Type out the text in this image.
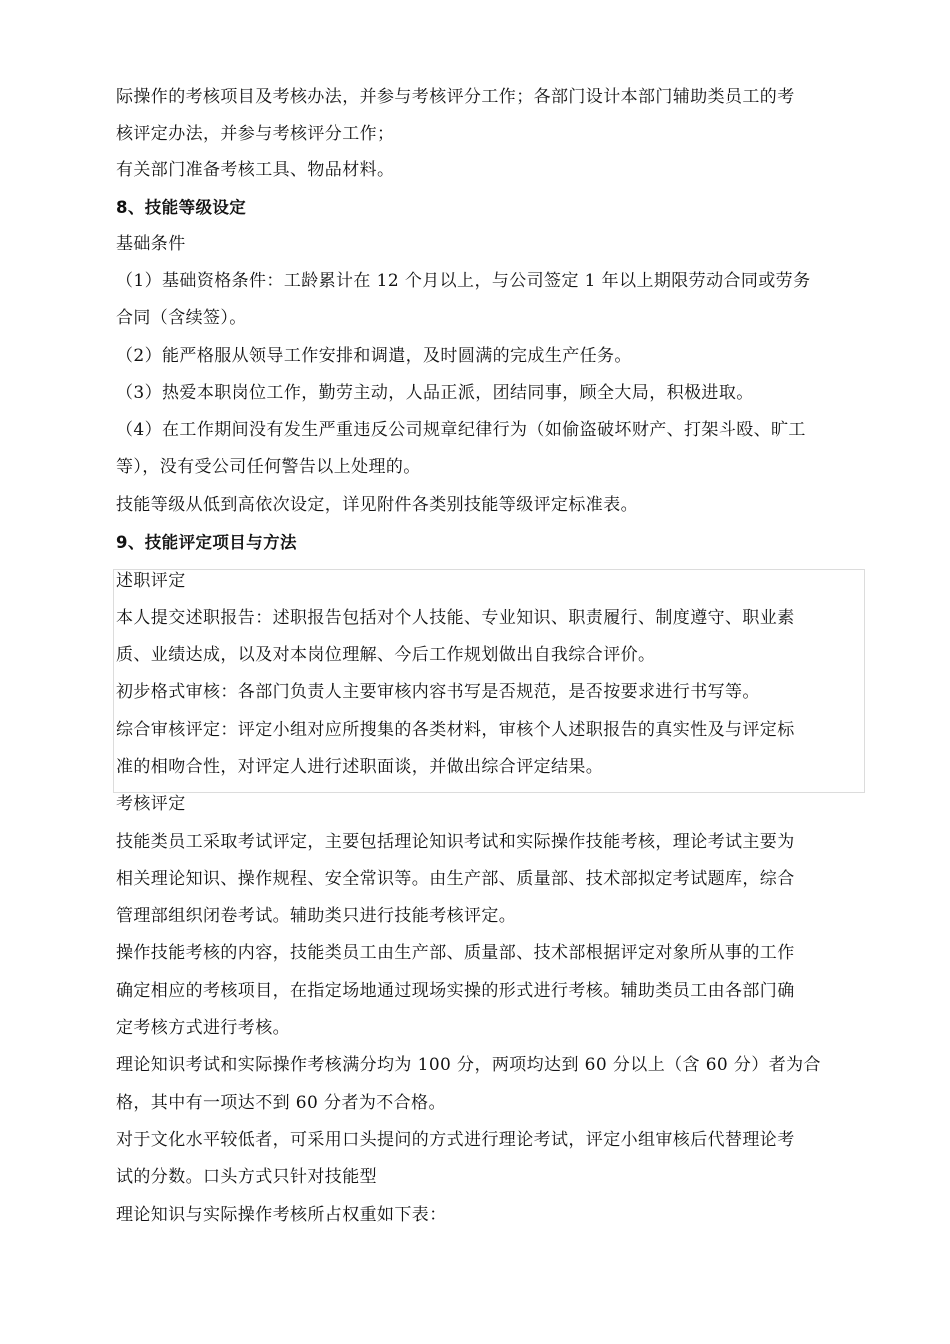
际操作的考核项目及考核办法，并参与考核评分工作；各部门设计本部门辅助类员工的考
核评定办法，并参与考核评分工作；
有关部门准备考核工具、物品材料。
8、技能等级设定
基础条件
（1）基础资格条件：工龄累计在 12 个月以上，与公司签定 1 年以上期限劳动合同或劳务
合同（含续签）。
（2）能严格服从领导工作安排和调遣，及时圆满的完成生产任务。
（3）热爱本职岗位工作，勤劳主动，人品正派，团结同事，顾全大局，积极进取。
（4）在工作期间没有发生严重违反公司规章纪律行为（如偷盗破坏财产、打架斗殴、旷工
等），没有受公司任何警告以上处理的。
技能等级从低到高依次设定，详见附件各类别技能等级评定标准表。
9、技能评定项目与方法
述职评定
本人提交述职报告：述职报告包括对个人技能、专业知识、职责履行、制度遵守、职业素
质、业绩达成，以及对本岗位理解、今后工作规划做出自我综合评价。
初步格式审核：各部门负责人主要审核内容书写是否规范，是否按要求进行书写等。
综合审核评定：评定小组对应所搜集的各类材料，审核个人述职报告的真实性及与评定标
准的相吻合性，对评定人进行述职面谈，并做出综合评定结果。
考核评定
技能类员工采取考试评定，主要包括理论知识考试和实际操作技能考核，理论考试主要为
相关理论知识、操作规程、安全常识等。由生产部、质量部、技术部拟定考试题库，综合
管理部组织闭卷考试。辅助类只进行技能考核评定。
操作技能考核的内容，技能类员工由生产部、质量部、技术部根据评定对象所从事的工作
确定相应的考核项目，在指定场地通过现场实操的形式进行考核。辅助类员工由各部门确
定考核方式进行考核。
理论知识考试和实际操作考核满分均为 100 分，两项均达到 60 分以上（含 60 分）者为合
格，其中有一项达不到 60 分者为不合格。
对于文化水平较低者，可采用口头提问的方式进行理论考试，评定小组审核后代替理论考
试的分数。口头方式只针对技能型
理论知识与实际操作考核所占权重如下表：
